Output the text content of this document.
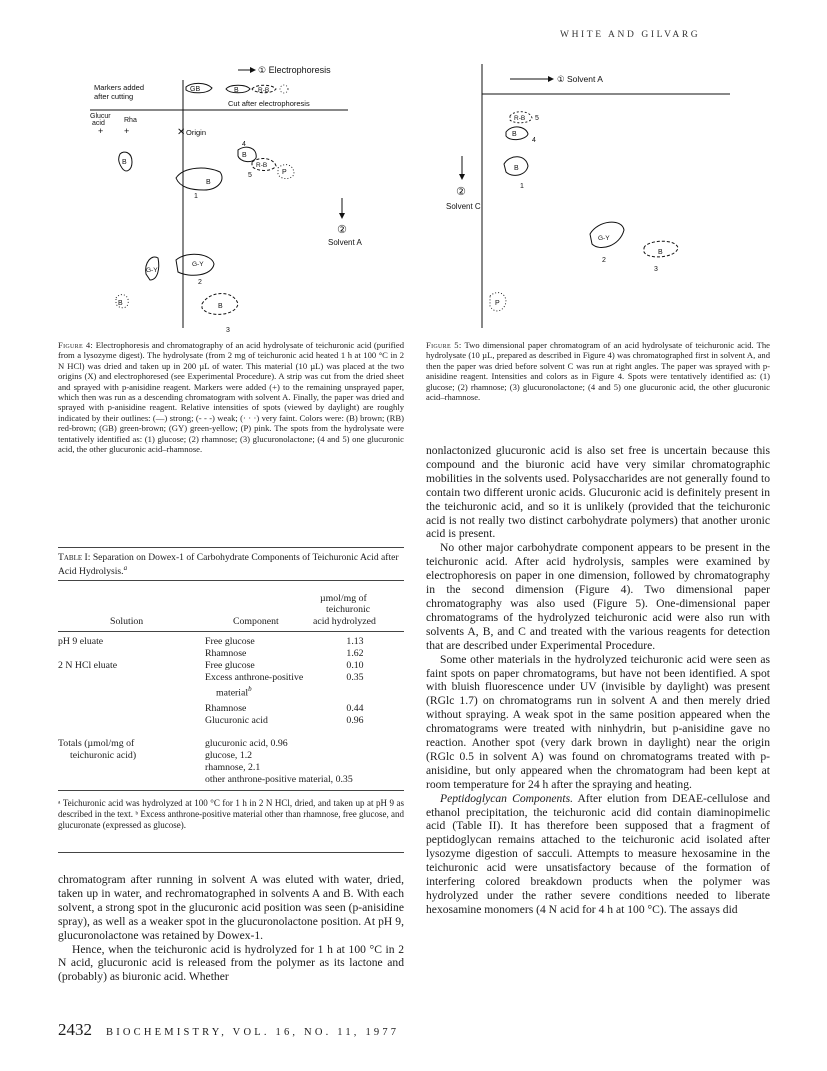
WHITE AND GILVARG
① Electrophoresis
Markers added
after cutting
GB	B	R-B
Cut after electrophoresis
Glucur
acid	Rha
+ +	✕ Origin
B
B
1
B
4
R-B
5	P
②
Solvent A
G-Y
G-Y
2
B	B
3
① Solvent A
R-B 5
B
4
B
1
②
Solvent C
G-Y
2
B
3
P
Figure 4: Electrophoresis and chromatography of an acid hydrolysate of teichuronic acid (purified from a lysozyme digest). The hydrolysate (from 2 mg of teichuronic acid heated 1 h at 100 °C in 2 N HCl) was dried and taken up in 200 µL of water. This material (10 µL) was placed at the two origins (X) and electrophoresed (see Experimental Procedure). A strip was cut from the dried sheet and sprayed with p-anisidine reagent. Markers were added (+) to the remaining unsprayed paper, which then was run as a descending chromatogram with solvent A. Finally, the paper was dried and sprayed with p-anisidine reagent. Relative intensities of spots (viewed by daylight) are roughly indicated by their outlines: (—) strong; (- - -) weak; (· · ·) very faint. Colors were: (B) brown; (RB) red-brown; (GB) green-brown; (GY) green-yellow; (P) pink. The spots from the hydrolysate were tentatively identified as: (1) glucose; (2) rhamnose; (3) glucuronolactone; (4 and 5) one glucuronic acid, the other glucuronic acid–rhamnose.
Figure 5: Two dimensional paper chromatogram of an acid hydrolysate of teichuronic acid. The hydrolysate (10 µL, prepared as described in Figure 4) was chromatographed first in solvent A, and then the paper was dried before solvent C was run at right angles. The paper was sprayed with p-anisidine reagent. Intensities and colors as in Figure 4. Spots were tentatively identified as: (1) glucose; (2) rhamnose; (3) glucuronolactone; (4 and 5) one glucuronic acid, the other glucuronic acid–rhamnose.
Table I: Separation on Dowex-1 of Carbohydrate Components of Teichuronic Acid after Acid Hydrolysis.$^a$
µmol/mg of
teichuronic
Solution	Component	acid hydrolyzed
pH 9 eluate	Free glucose	1.13
Rhamnose	1.62
2 N HCl eluate	Free glucose	0.10
Excess anthrone-positive	0.35
material$^b$
Rhamnose	0.44
Glucuronic acid	0.96
Totals (µmol/mg of
teichuronic acid)
glucuronic acid, 0.96
glucose, 1.2
rhamnose, 2.1
other anthrone-positive material, 0.35
ᵃ Teichuronic acid was hydrolyzed at 100 °C for 1 h in 2 N HCl, dried, and taken up at pH 9 as described in the text. ᵇ Excess anthrone-positive material other than rhamnose, free glucose, and glucuronate (expressed as glucose).

chromatogram after running in solvent A was eluted with water, dried, taken up in water, and rechromatographed in solvents A and B. With each solvent, a strong spot in the glucuronic acid position was seen (p-anisidine spray), as well as a weaker spot in the glucuronolactone position. At pH 9, glucuronolactone was retained by Dowex-1.

Hence, when the teichuronic acid is hydrolyzed for 1 h at 100 °C in 2 N acid, glucuronic acid is released from the polymer as its lactone and (probably) as biuronic acid. Whether

nonlactonized glucuronic acid is also set free is uncertain because this compound and the biuronic acid have very similar chromatographic mobilities in the solvents used. Polysaccharides are not generally found to contain two different uronic acids. Glucuronic acid is definitely present in the teichuronic acid, and so it is unlikely (provided that the teichuronic acid is not really two distinct carbohydrate polymers) that another uronic acid is present.

No other major carbohydrate component appears to be present in the teichuronic acid. After acid hydrolysis, samples were examined by electrophoresis on paper in one dimension, followed by chromatography in the second dimension (Figure 4). Two dimensional paper chromatography was also used (Figure 5). One-dimensional paper chromatograms of the hydrolyzed teichuronic acid were also run with solvents A, B, and C and treated with the various reagents for detection that are described under Experimental Procedure.

Some other materials in the hydrolyzed teichuronic acid were seen as faint spots on paper chromatograms, but have not been identified. A spot with bluish fluorescence under UV (invisible by daylight) was present (RGlc 1.7) on chromatograms run in solvent A and then merely dried without spraying. A weak spot in the same position appeared when the chromatograms were treated with ninhydrin, but p-anisidine gave no reaction. Another spot (very dark brown in daylight) near the origin (RGlc 0.5 in solvent A) was found on chromatograms treated with p-anisidine, but only appeared when the chromatogram had been kept at room temperature for 24 h after the spraying and heating.

Peptidoglycan Components. After elution from DEAE-cellulose and ethanol precipitation, the teichuronic acid did contain diaminopimelic acid (Table II). It has therefore been supposed that a fragment of peptidoglycan remains attached to the teichuronic acid isolated after lysozyme digestion of sacculi. Attempts to measure hexosamine in the teichuronic acid were unsatisfactory because of the formation of interfering colored breakdown products when the polymer was hydrolyzed under the rather severe conditions needed to liberate hexosamine monomers (4 N acid for 4 h at 100 °C). The assays did

2432 BIOCHEMISTRY, VOL. 16, NO. 11, 1977
